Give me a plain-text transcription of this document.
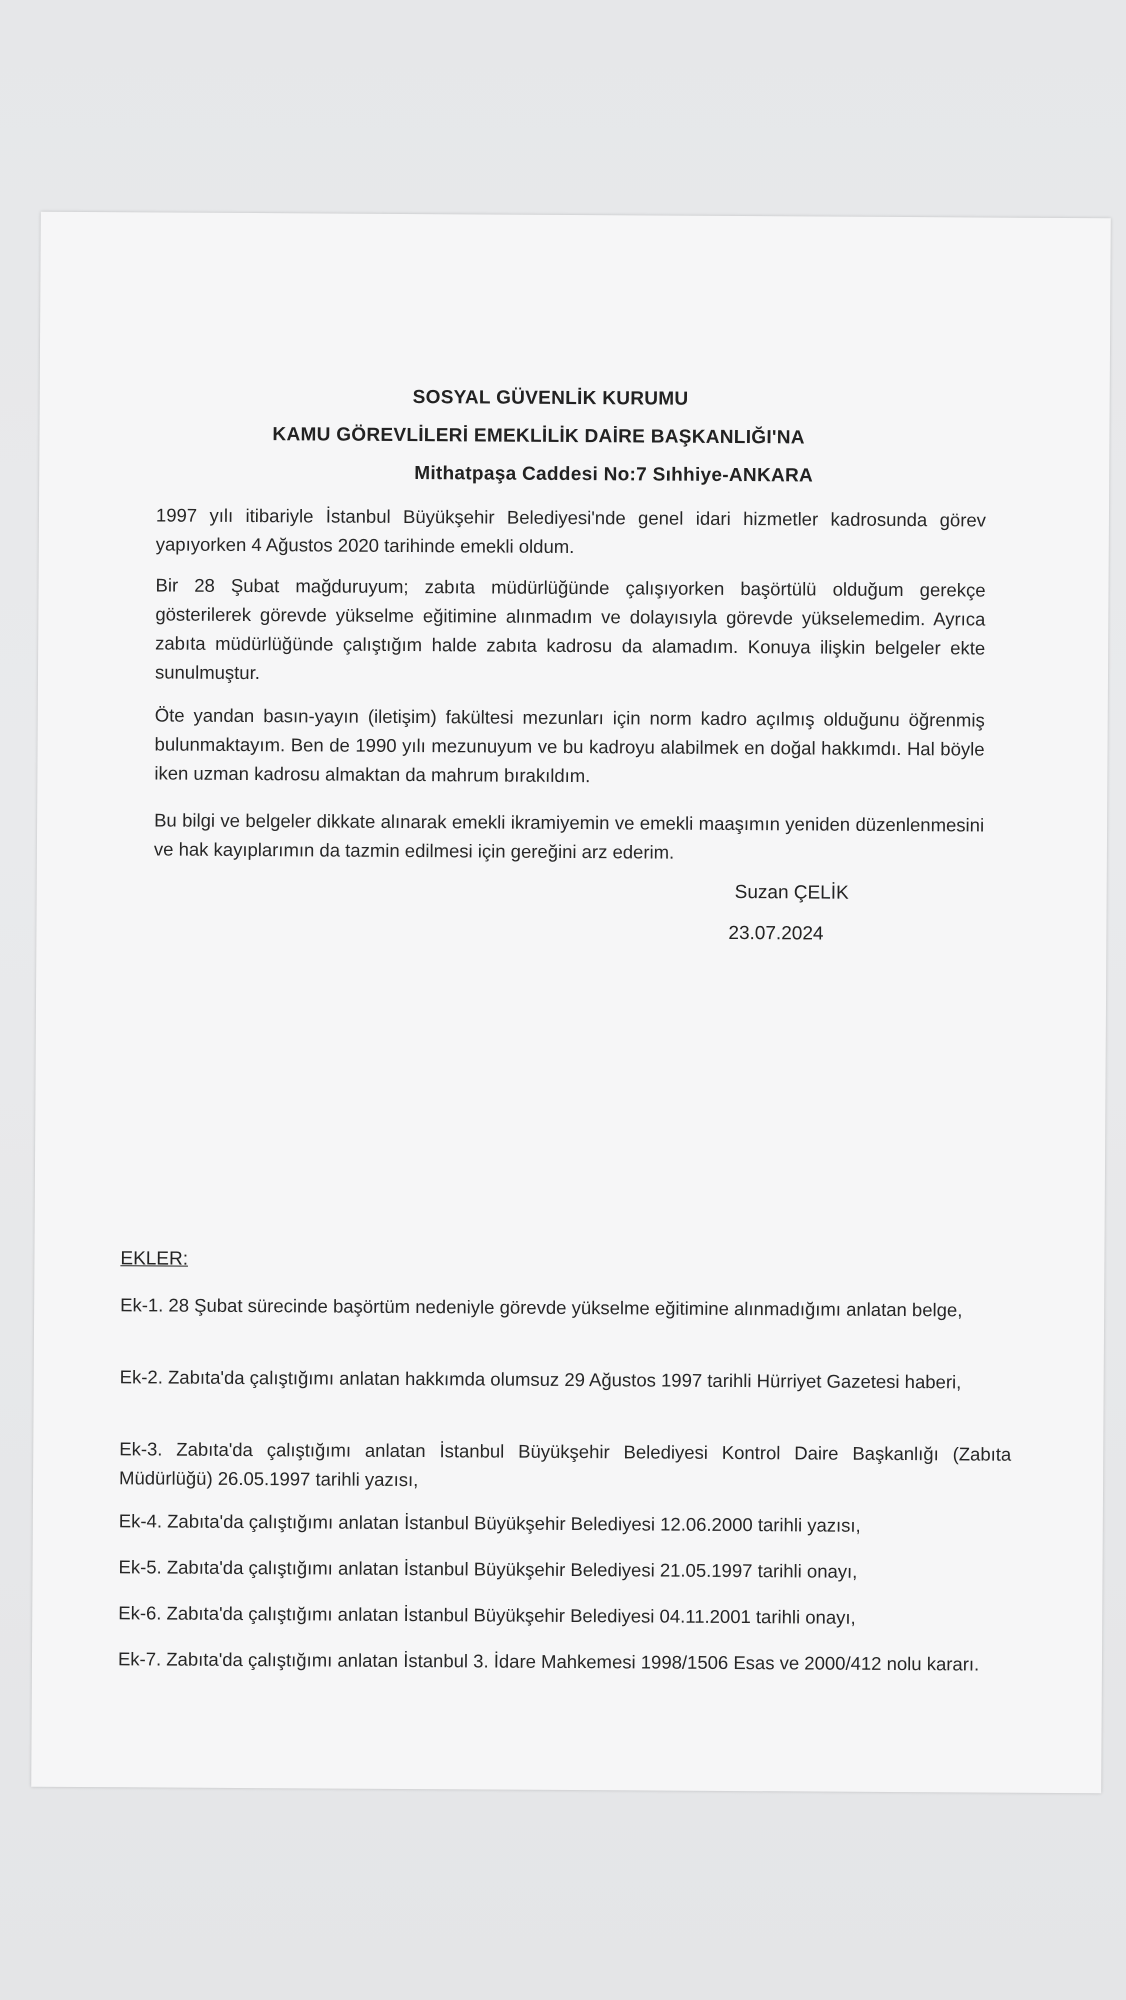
SOSYAL GÜVENLİK KURUMU
KAMU GÖREVLİLERİ EMEKLİLİK DAİRE BAŞKANLIĞI'NA
Mithatpaşa Caddesi No:7 Sıhhiye-ANKARA
1997 yılı itibariyle İstanbul Büyükşehir Belediyesi'nde genel idari hizmetler kadrosunda görev yapıyorken 4 Ağustos 2020 tarihinde emekli oldum.
Bir 28 Şubat mağduruyum; zabıta müdürlüğünde çalışıyorken başörtülü olduğum gerekçe gösterilerek görevde yükselme eğitimine alınmadım ve dolayısıyla görevde yükselemedim. Ayrıca zabıta müdürlüğünde çalıştığım halde zabıta kadrosu da alamadım. Konuya ilişkin belgeler ekte sunulmuştur.
Öte yandan basın-yayın (iletişim) fakültesi mezunları için norm kadro açılmış olduğunu öğrenmiş bulunmaktayım. Ben de 1990 yılı mezunuyum ve bu kadroyu alabilmek en doğal hakkımdı. Hal böyle iken uzman kadrosu almaktan da mahrum bırakıldım.
Bu bilgi ve belgeler dikkate alınarak emekli ikramiyemin ve emekli maaşımın yeniden düzenlenmesini ve hak kayıplarımın da tazmin edilmesi için gereğini arz ederim.
Suzan ÇELİK
23.07.2024
EKLER:
Ek-1. 28 Şubat sürecinde başörtüm nedeniyle görevde yükselme eğitimine alınmadığımı anlatan belge,
Ek-2. Zabıta'da çalıştığımı anlatan hakkımda olumsuz 29 Ağustos 1997 tarihli Hürriyet Gazetesi haberi,
Ek-3. Zabıta'da çalıştığımı anlatan İstanbul Büyükşehir Belediyesi Kontrol Daire Başkanlığı (Zabıta Müdürlüğü) 26.05.1997 tarihli yazısı,
Ek-4. Zabıta'da çalıştığımı anlatan İstanbul Büyükşehir Belediyesi 12.06.2000 tarihli yazısı,
Ek-5. Zabıta'da çalıştığımı anlatan İstanbul Büyükşehir Belediyesi 21.05.1997 tarihli onayı,
Ek-6. Zabıta'da çalıştığımı anlatan İstanbul Büyükşehir Belediyesi 04.11.2001 tarihli onayı,
Ek-7. Zabıta'da çalıştığımı anlatan İstanbul 3. İdare Mahkemesi 1998/1506 Esas ve 2000/412 nolu kararı.
